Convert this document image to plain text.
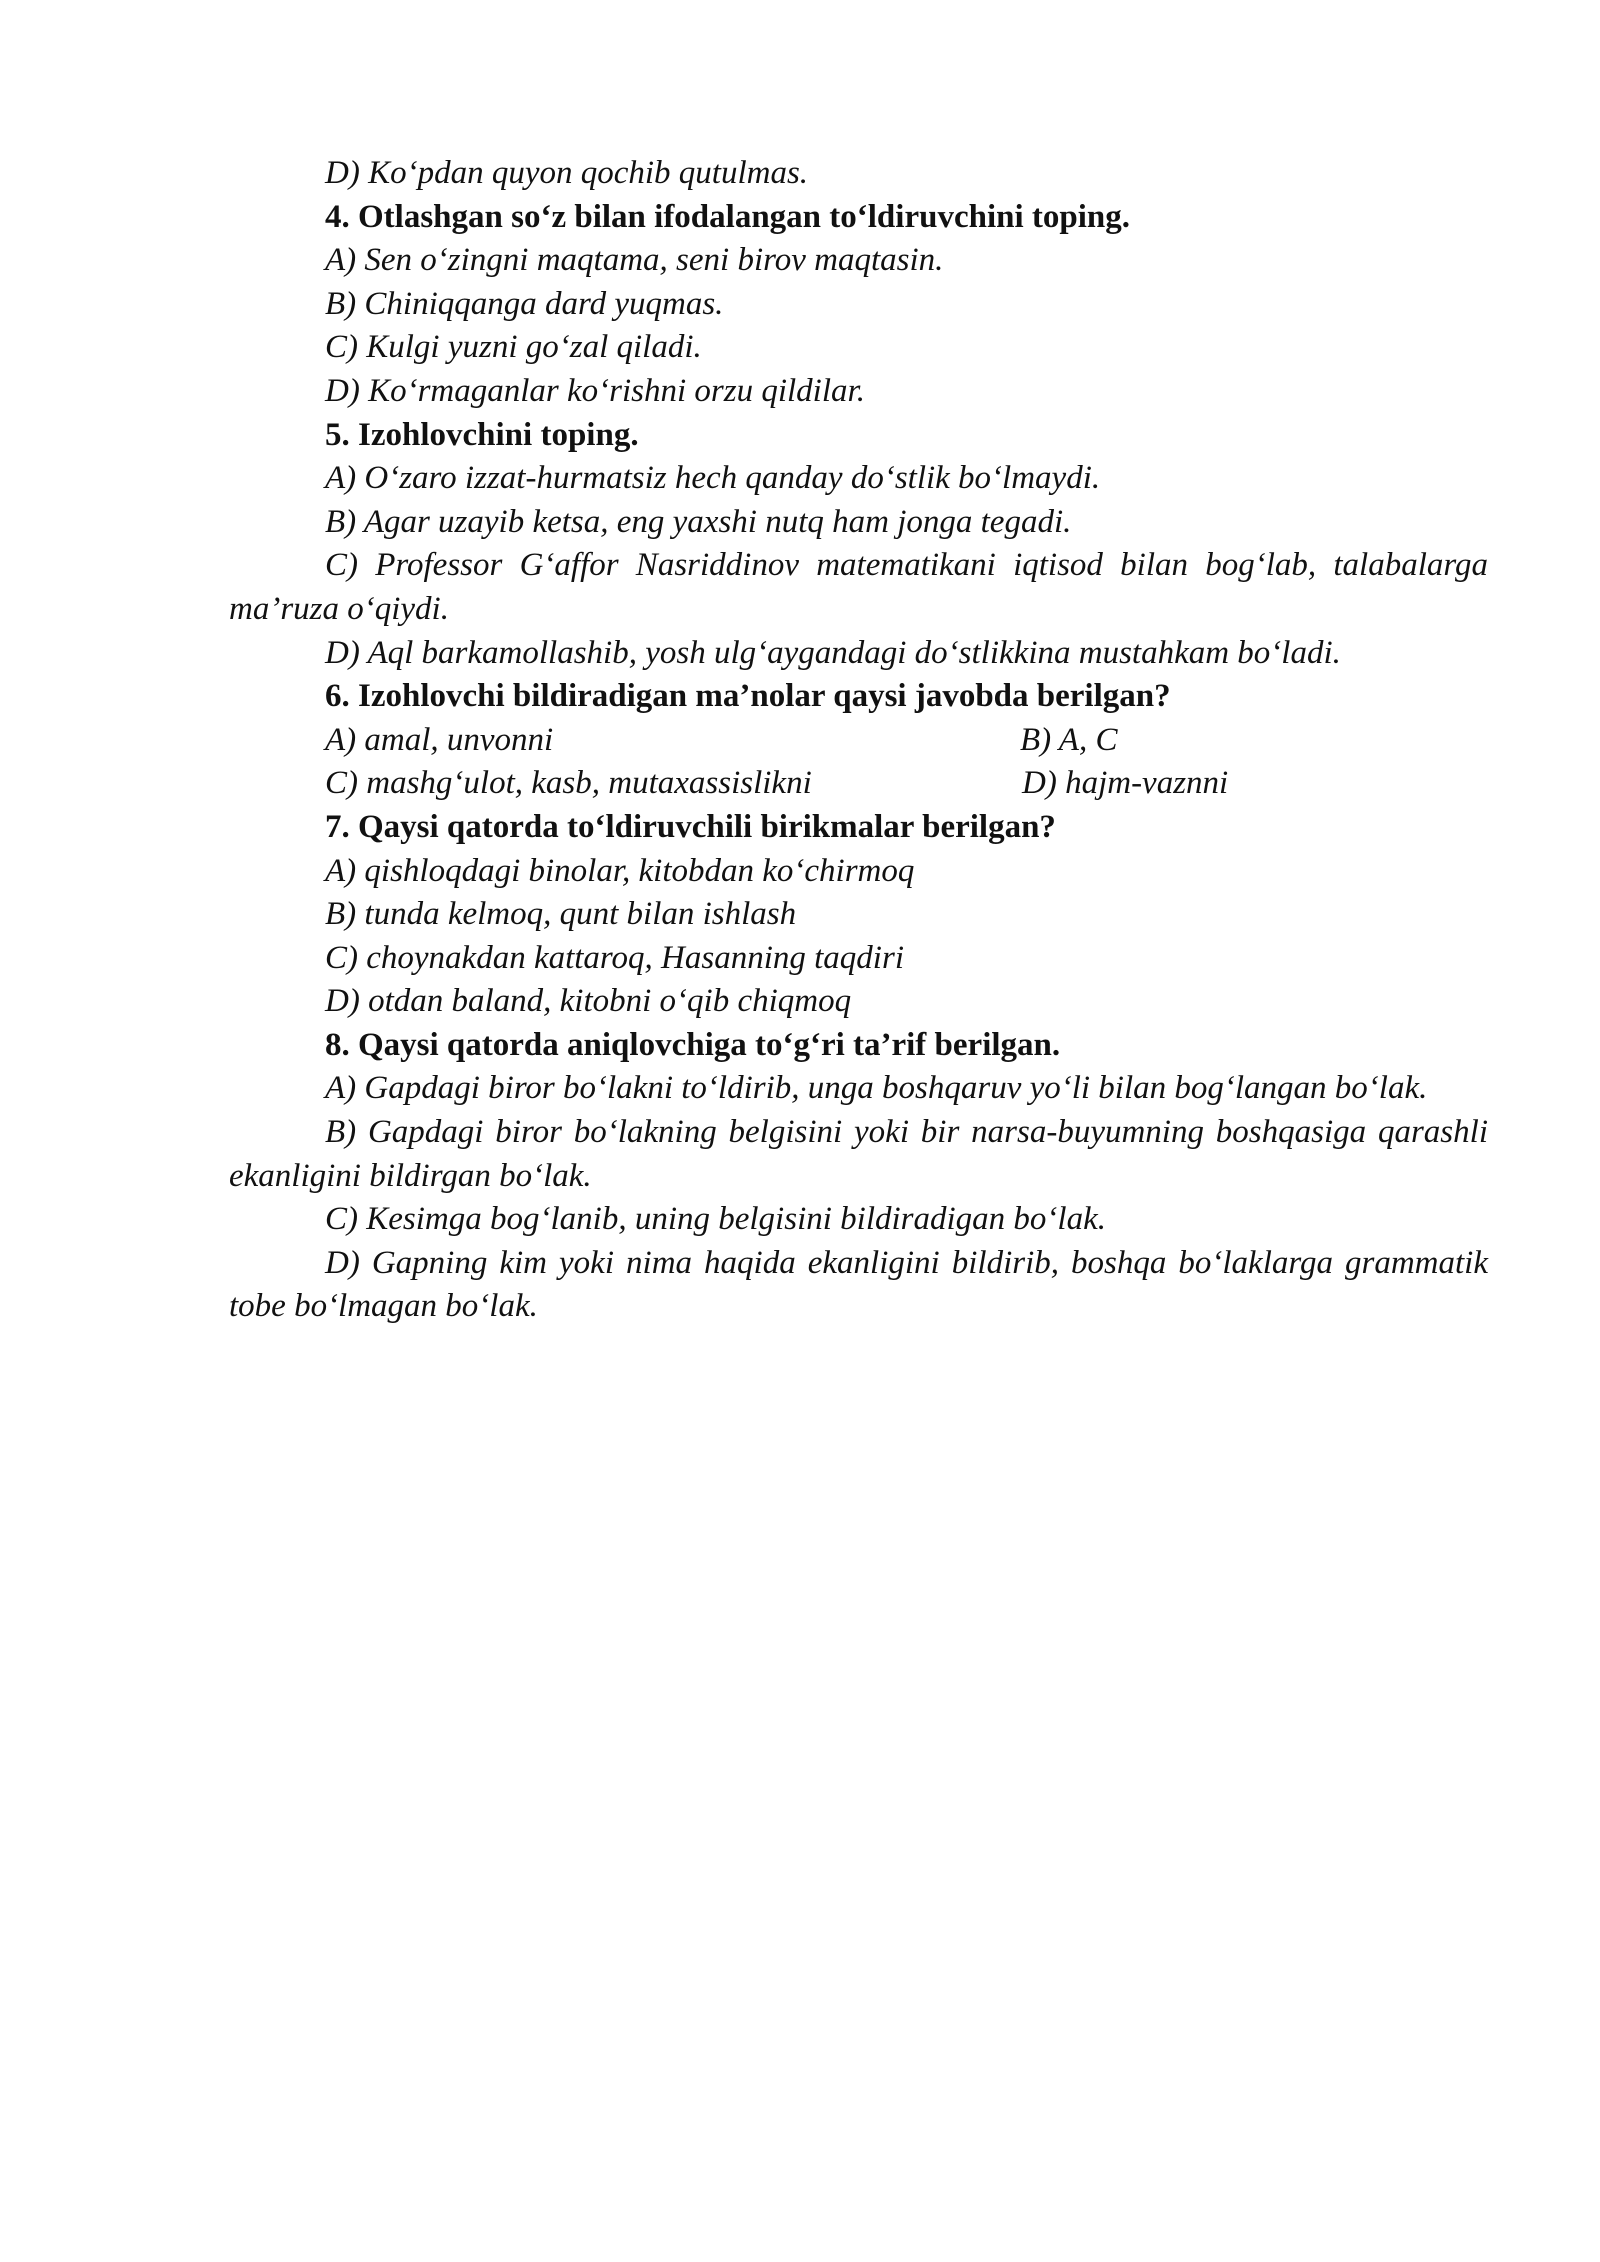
D) Ko‘pdan quyon qochib qutulmas.

4. Otlashgan so‘z bilan ifodalangan to‘ldiruvchini toping.

A) Sen o‘zingni maqtama, seni birov maqtasin.

B) Chiniqqanga dard yuqmas.

C) Kulgi yuzni go‘zal qiladi.

D) Ko‘rmaganlar ko‘rishni orzu qildilar.

5. Izohlovchini toping.

A) O‘zaro izzat-hurmatsiz hech qanday do‘stlik bo‘lmaydi.

B) Agar uzayib ketsa, eng yaxshi nutq ham jonga tegadi.

C) Professor G‘affor Nasriddinov matematikani iqtisod bilan bog‘lab, talabalarga ma’ruza o‘qiydi.

D) Aql barkamollashib, yosh ulg‘aygandagi do‘stlikkina mustahkam bo‘ladi.

6. Izohlovchi bildiradigan ma’nolar qaysi javobda berilgan?

A) amal, unvonni	B) A, C
C) mashg‘ulot, kasb, mutaxassislikni	D) hajm-vaznni

7. Qaysi qatorda to‘ldiruvchili birikmalar berilgan?

A) qishloqdagi binolar, kitobdan ko‘chirmoq

B) tunda kelmoq, qunt bilan ishlash

C) choynakdan kattaroq, Hasanning taqdiri

D) otdan baland, kitobni o‘qib chiqmoq

8. Qaysi qatorda aniqlovchiga to‘g‘ri ta’rif berilgan.

A) Gapdagi biror bo‘lakni to‘ldirib, unga boshqaruv yo‘li bilan bog‘langan bo‘lak.

B) Gapdagi biror bo‘lakning belgisini yoki bir narsa-buyumning boshqasiga qarashli ekanligini bildirgan bo‘lak.

C) Kesimga bog‘lanib, uning belgisini bildiradigan bo‘lak.

D) Gapning kim yoki nima haqida ekanligini bildirib, boshqa bo‘laklarga grammatik tobe bo‘lmagan bo‘lak.
